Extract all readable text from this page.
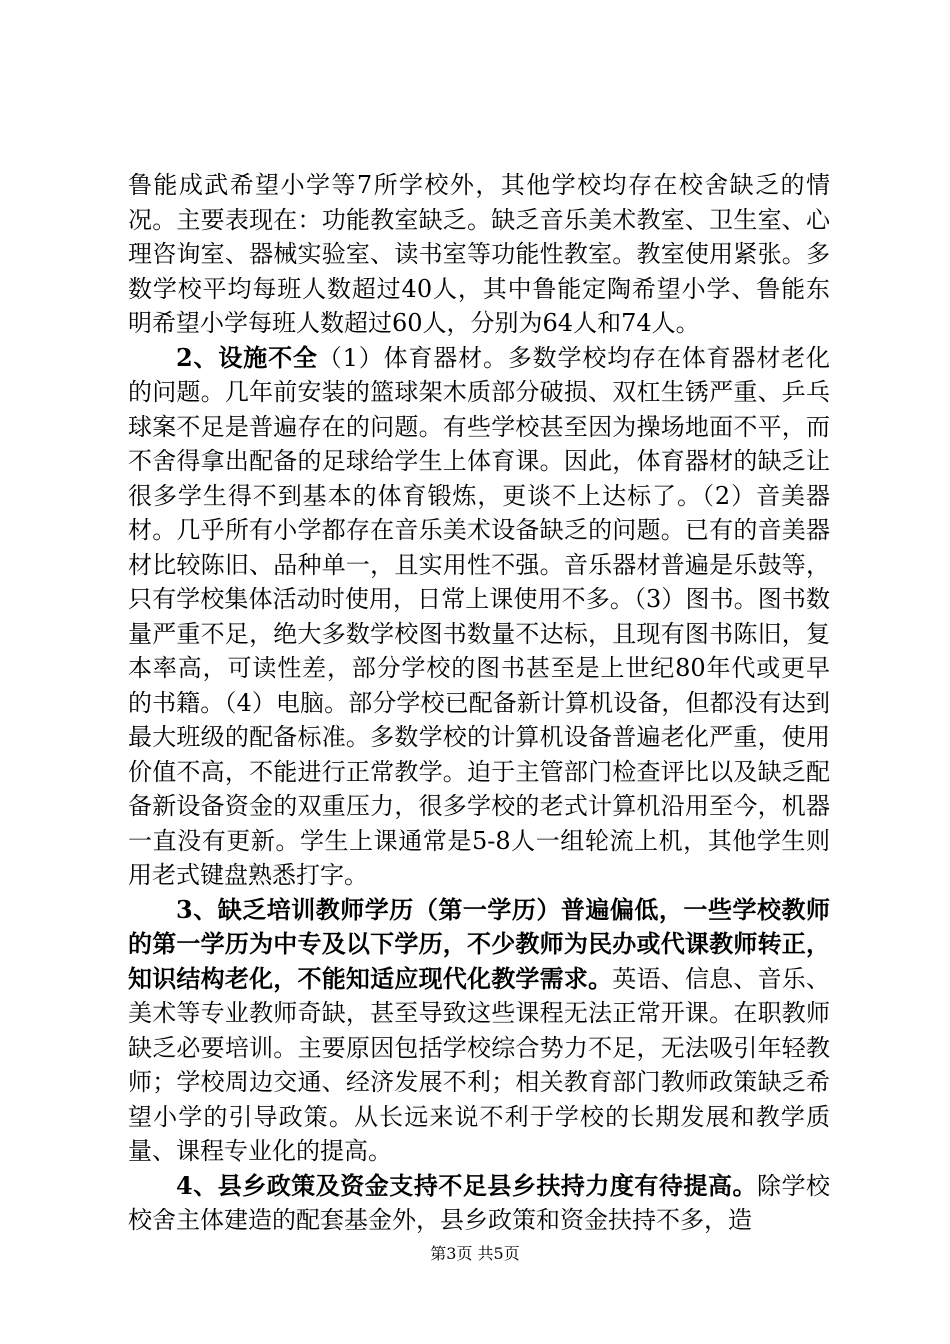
鲁能成武希望小学等7所学校外，其他学校均存在校舍缺乏的情况。主要表现在：功能教室缺乏。缺乏音乐美术教室、卫生室、心理咨询室、器械实验室、读书室等功能性教室。教室使用紧张。多数学校平均每班人数超过40人，其中鲁能定陶希望小学、鲁能东明希望小学每班人数超过60人，分别为64人和74人。

2、设施不全（1）体育器材。多数学校均存在体育器材老化的问题。几年前安装的篮球架木质部分破损、双杠生锈严重、乒乓球案不足是普遍存在的问题。有些学校甚至因为操场地面不平，而不舍得拿出配备的足球给学生上体育课。因此，体育器材的缺乏让很多学生得不到基本的体育锻炼，更谈不上达标了。（2）音美器材。几乎所有小学都存在音乐美术设备缺乏的问题。已有的音美器材比较陈旧、品种单一，且实用性不强。音乐器材普遍是乐鼓等，只有学校集体活动时使用，日常上课使用不多。（3）图书。图书数量严重不足，绝大多数学校图书数量不达标，且现有图书陈旧，复本率高，可读性差，部分学校的图书甚至是上世纪80年代或更早的书籍。（4）电脑。部分学校已配备新计算机设备，但都没有达到最大班级的配备标准。多数学校的计算机设备普遍老化严重，使用价值不高，不能进行正常教学。迫于主管部门检查评比以及缺乏配备新设备资金的双重压力，很多学校的老式计算机沿用至今，机器一直没有更新。学生上课通常是5-8人一组轮流上机，其他学生则用老式键盘熟悉打字。

3、缺乏培训教师学历（第一学历）普遍偏低，一些学校教师的第一学历为中专及以下学历，不少教师为民办或代课教师转正，知识结构老化，不能知适应现代化教学需求。英语、信息、音乐、美术等专业教师奇缺，甚至导致这些课程无法正常开课。在职教师缺乏必要培训。主要原因包括学校综合势力不足，无法吸引年轻教师；学校周边交通、经济发展不利；相关教育部门教师政策缺乏希望小学的引导政策。从长远来说不利于学校的长期发展和教学质量、课程专业化的提高。

4、县乡政策及资金支持不足县乡扶持力度有待提高。除学校校舍主体建造的配套基金外，县乡政策和资金扶持不多，造

第3页 共5页
